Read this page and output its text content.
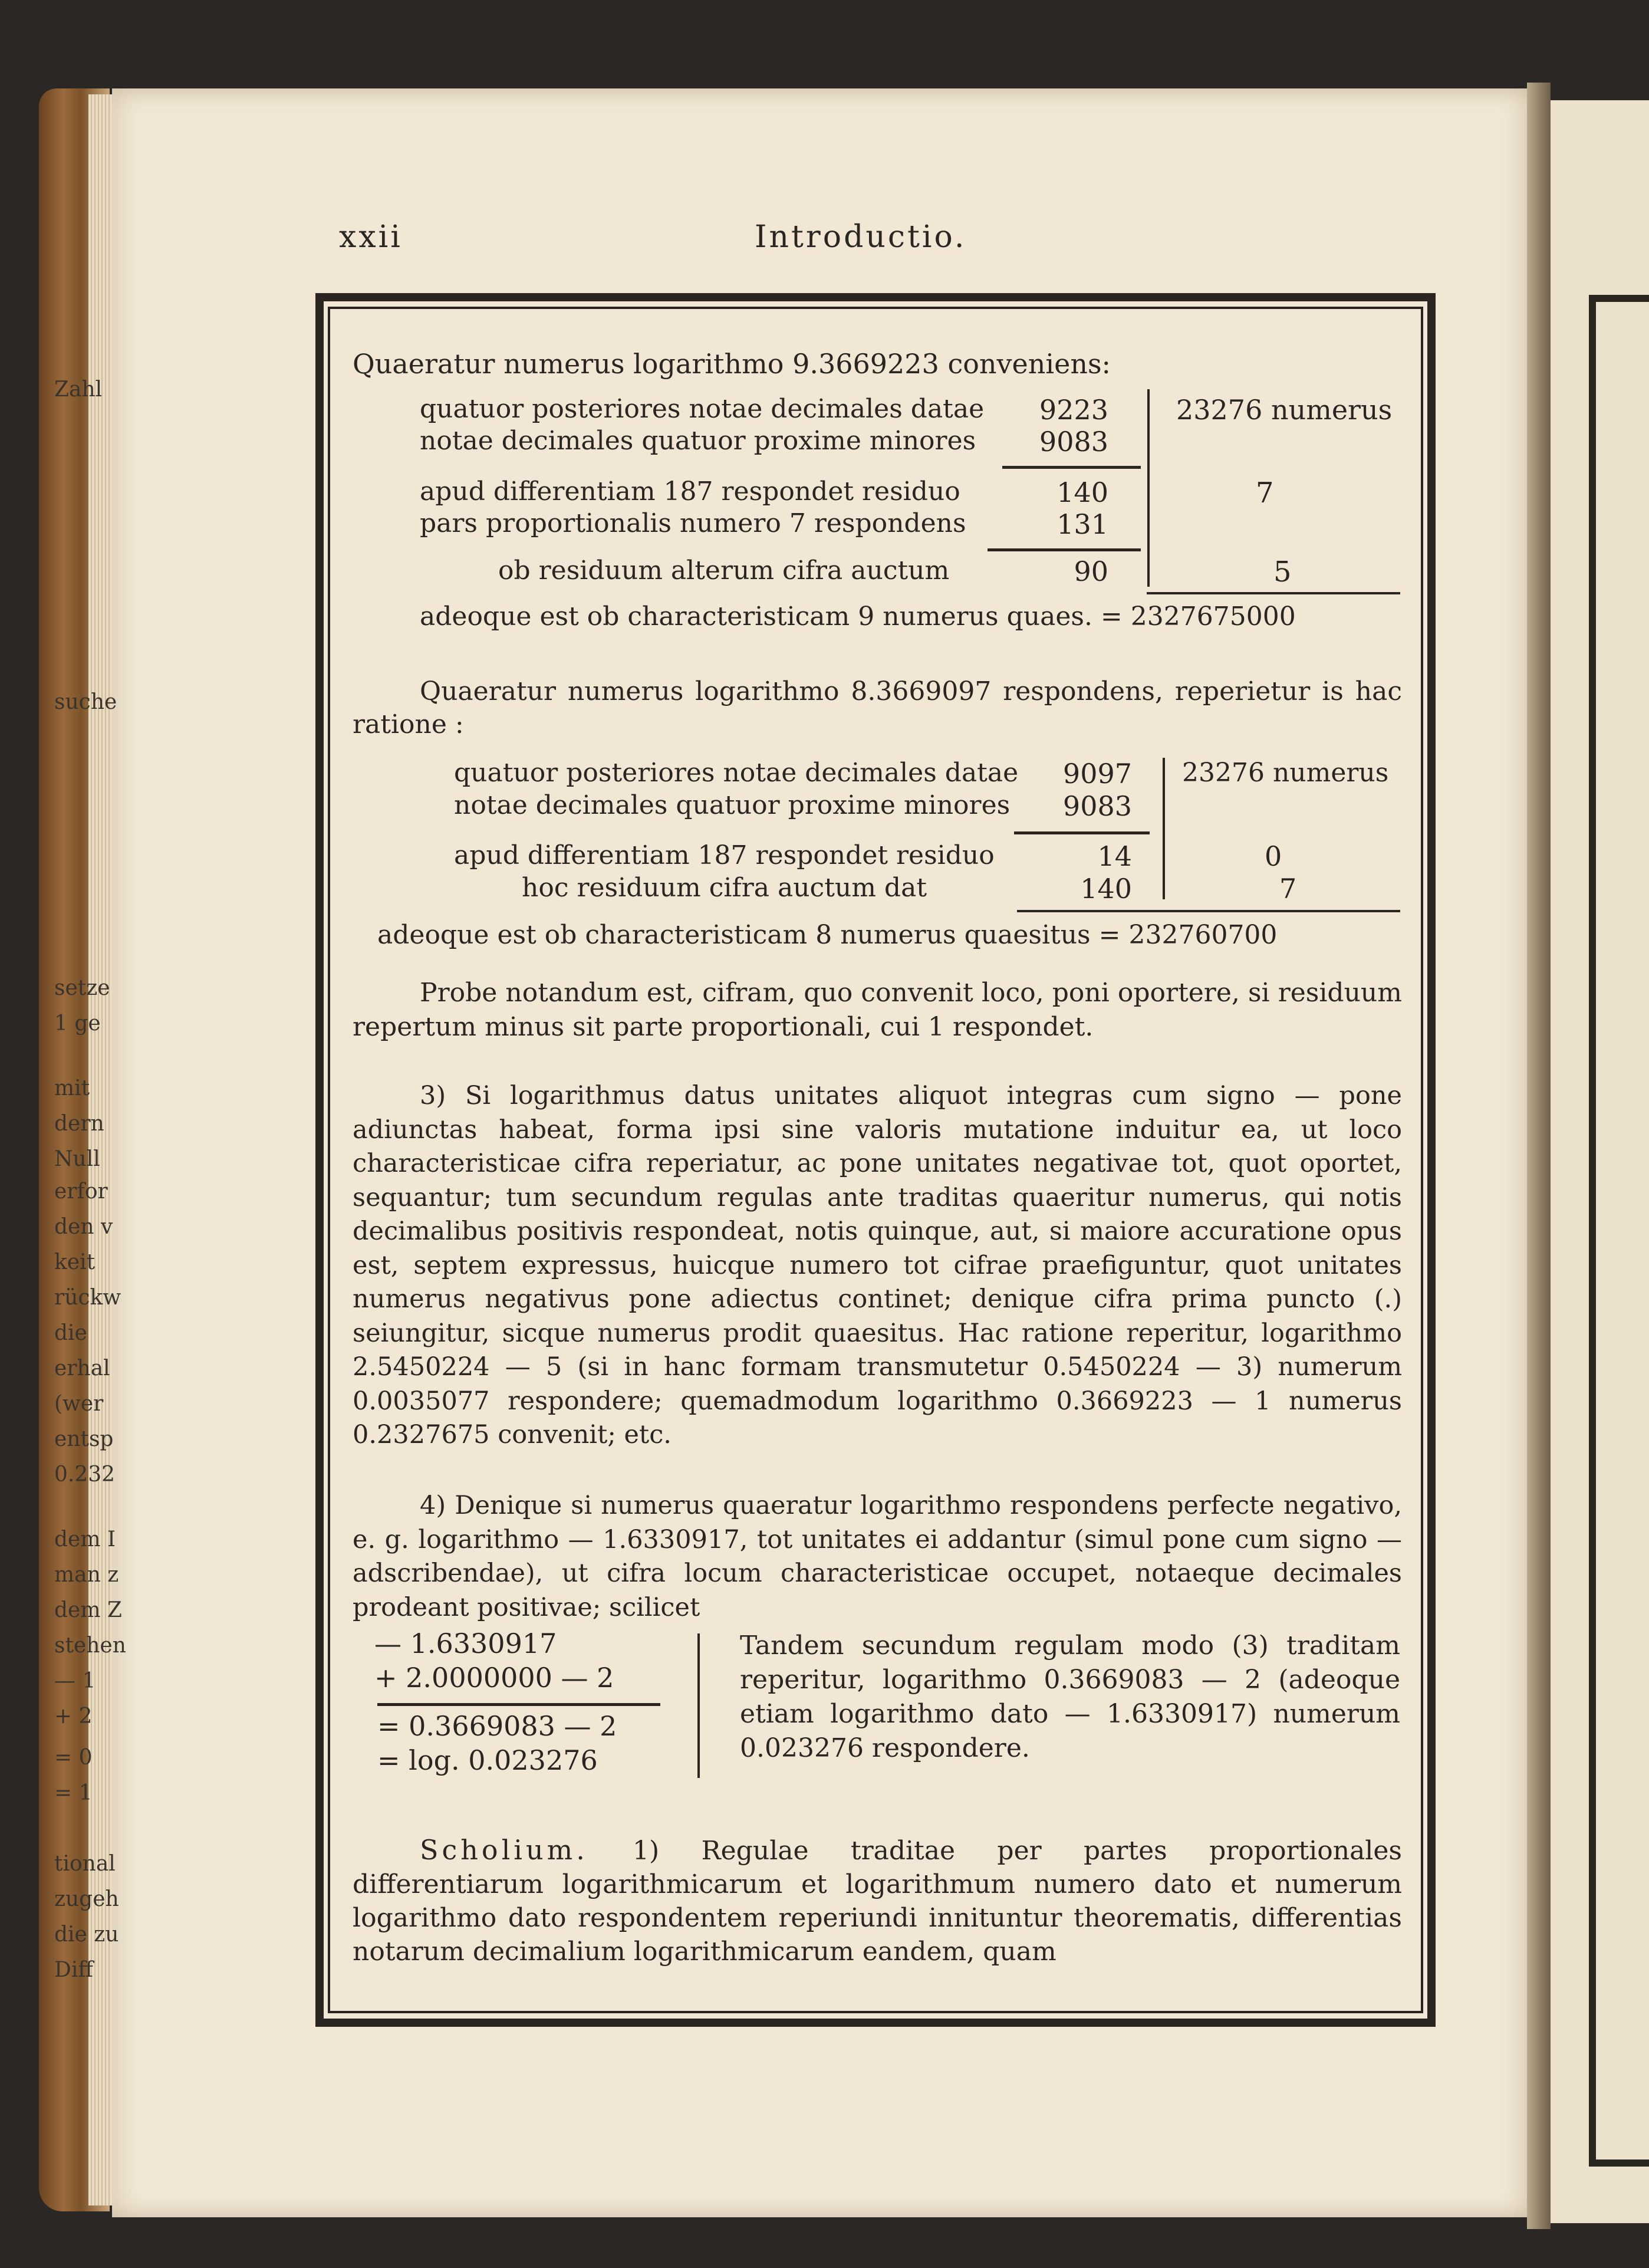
xxii	Introductio.
Quaeratur numerus logarithmo 9.3669223 conveniens:
quatuor posteriores notae decimales datae	9223	23276 numerus
notae decimales quatuor proxime minores	9083
apud differentiam 187 respondet residuo	140	7
pars proportionalis numero 7 respondens	131
ob residuum alterum cifra auctum	90	5
adeoque est ob characteristicam 9 numerus quaes. = 2327675000
Quaeratur numerus logarithmo 8.3669097 respondens, reperietur is hac ratione :
quatuor posteriores notae decimales datae	9097 23276 numerus
notae decimales quatuor proxime minores	9083
apud differentiam 187 respondet residuo	14	0
hoc residuum cifra auctum dat	140	7
adeoque est ob characteristicam 8 numerus quaesitus = 232760700
Probe notandum est, cifram, quo convenit loco, poni oportere, si residuum repertum minus sit parte proportionali, cui 1 respondet.
3) Si logarithmus datus unitates aliquot integras cum signo — pone adiunctas habeat, forma ipsi sine valoris mutatione induitur ea, ut loco characteristicae cifra reperiatur, ac pone unitates negativae tot, quot oportet, sequantur; tum secundum regulas ante traditas quaeritur numerus, qui notis decimalibus positivis respondeat, notis quinque, aut, si maiore accuratione opus est, septem expressus, huicque numero tot cifrae praefiguntur, quot unitates numerus negativus pone adiectus continet; denique cifra prima puncto (.) seiungitur, sicque numerus prodit quaesitus. Hac ratione reperitur, logarithmo 2.5450224 — 5 (si in hanc formam transmutetur 0.5450224 — 3) numerum 0.0035077 respondere; quemadmodum logarithmo 0.3669223 — 1 numerus 0.2327675 convenit; etc.
4) Denique si numerus quaeratur logarithmo respondens perfecte negativo, e. g. logarithmo — 1.6330917, tot unitates ei addantur (simul pone cum signo — adscribendae), ut cifra locum characteristicae occupet, notaeque decimales prodeant positivae; scilicet
— 1.6330917
+ 2.0000000 — 2
= 0.3669083 — 2
= log. 0.023276
Tandem secundum regulam modo (3) traditam reperitur, logarithmo 0.3669083 — 2 (adeoque etiam logarithmo dato — 1.6330917) numerum 0.023276 respondere.
Scholium.	1) Regulae traditae per partes proportionales differentiarum logarithmicarum et logarithmum numero dato et numerum logarithmo dato respondentem reperiundi innituntur theorematis, differentias notarum decimalium logarithmicarum eandem, quam
Zahl
suche
setze
1 ge
mit
dern
Null
erfor
den v
keit
rückw
die
erhal
(wer
entsp
0.232
dem I
man z
dem Z
stehen
— 1
+ 2
= 0
= 1
tional
zugeh
die zu
Diff
